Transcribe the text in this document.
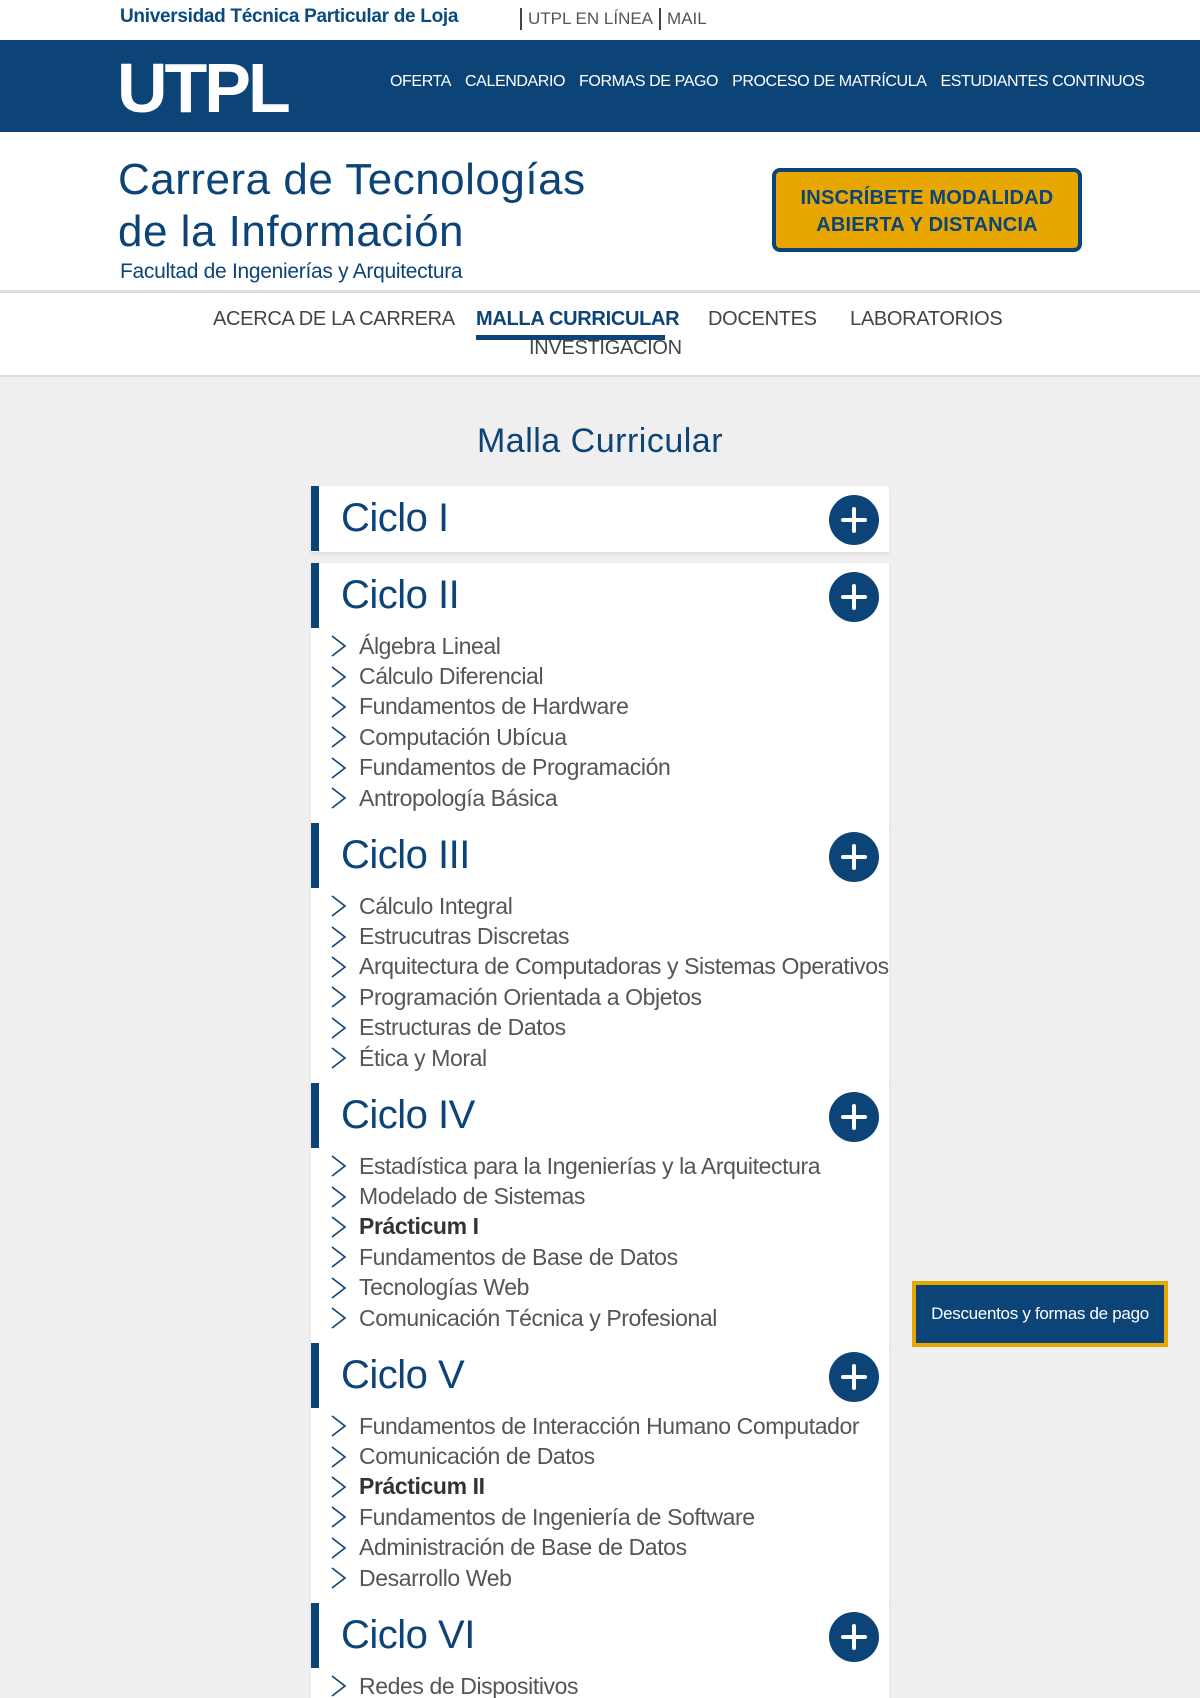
Universidad Técnica Particular de Loja	UTPL EN LÍNEA MAIL
UTPL	OFERTA CALENDARIO FORMAS DE PAGO PROCESO DE MATRÍCULA ESTUDIANTES CONTINUOS
Carrera de Tecnologías
de la Información
Facultad de Ingenierías y Arquitectura
INSCRÍBETE MODALIDAD
ABIERTA Y DISTANCIA
ACERCA DE LA CARRERA MALLA CURRICULAR DOCENTES LABORATORIOS
INVESTIGACIÓN
Malla Curricular
Ciclo I
Ciclo II
Álgebra Lineal
Cálculo Diferencial
Fundamentos de Hardware
Computación Ubícua
Fundamentos de Programación
Antropología Básica
Ciclo III
Cálculo Integral
Estrucutras Discretas
Arquitectura de Computadoras y Sistemas Operativos
Programación Orientada a Objetos
Estructuras de Datos
Ética y Moral
Ciclo IV
Estadística para la Ingenierías y la Arquitectura
Modelado de Sistemas
Prácticum I
Fundamentos de Base de Datos
Tecnologías Web
Comunicación Técnica y Profesional
Ciclo V
Fundamentos de Interacción Humano Computador
Comunicación de Datos
Prácticum II
Fundamentos de Ingeniería de Software
Administración de Base de Datos
Desarrollo Web
Ciclo VI
Redes de Dispositivos
Descuentos y formas de pago
